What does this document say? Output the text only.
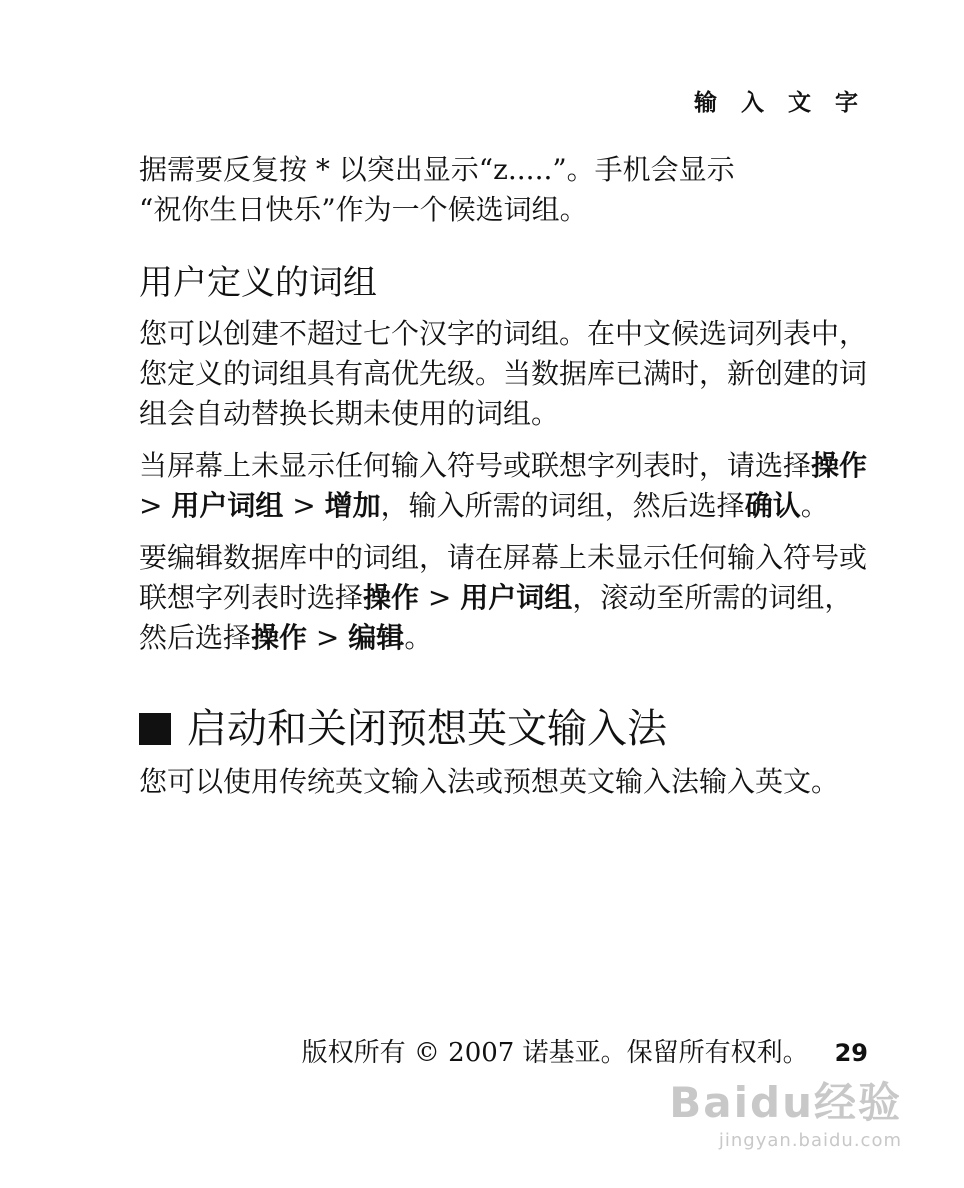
输 入 文 字

据需要反复按 * 以突出显示“z.....”。手机会显示
“祝你生日快乐”作为一个候选词组。

用户定义的词组

您可以创建不超过七个汉字的词组。在中文候选词列表中，您定义的词组具有高优先级。当数据库已满时，新创建的词组会自动替换长期未使用的词组。

当屏幕上未显示任何输入符号或联想字列表时，请选择操作 > 用户词组 > 增加，输入所需的词组，然后选择确认。

要编辑数据库中的词组，请在屏幕上未显示任何输入符号或联想字列表时选择操作 > 用户词组，滚动至所需的词组，然后选择操作 > 编辑。

启动和关闭预想英文输入法

您可以使用传统英文输入法或预想英文输入法输入英文。

版权所有 © 2007 诺基亚。保留所有权利。 29
Baidu经验
jingyan.baidu.com
